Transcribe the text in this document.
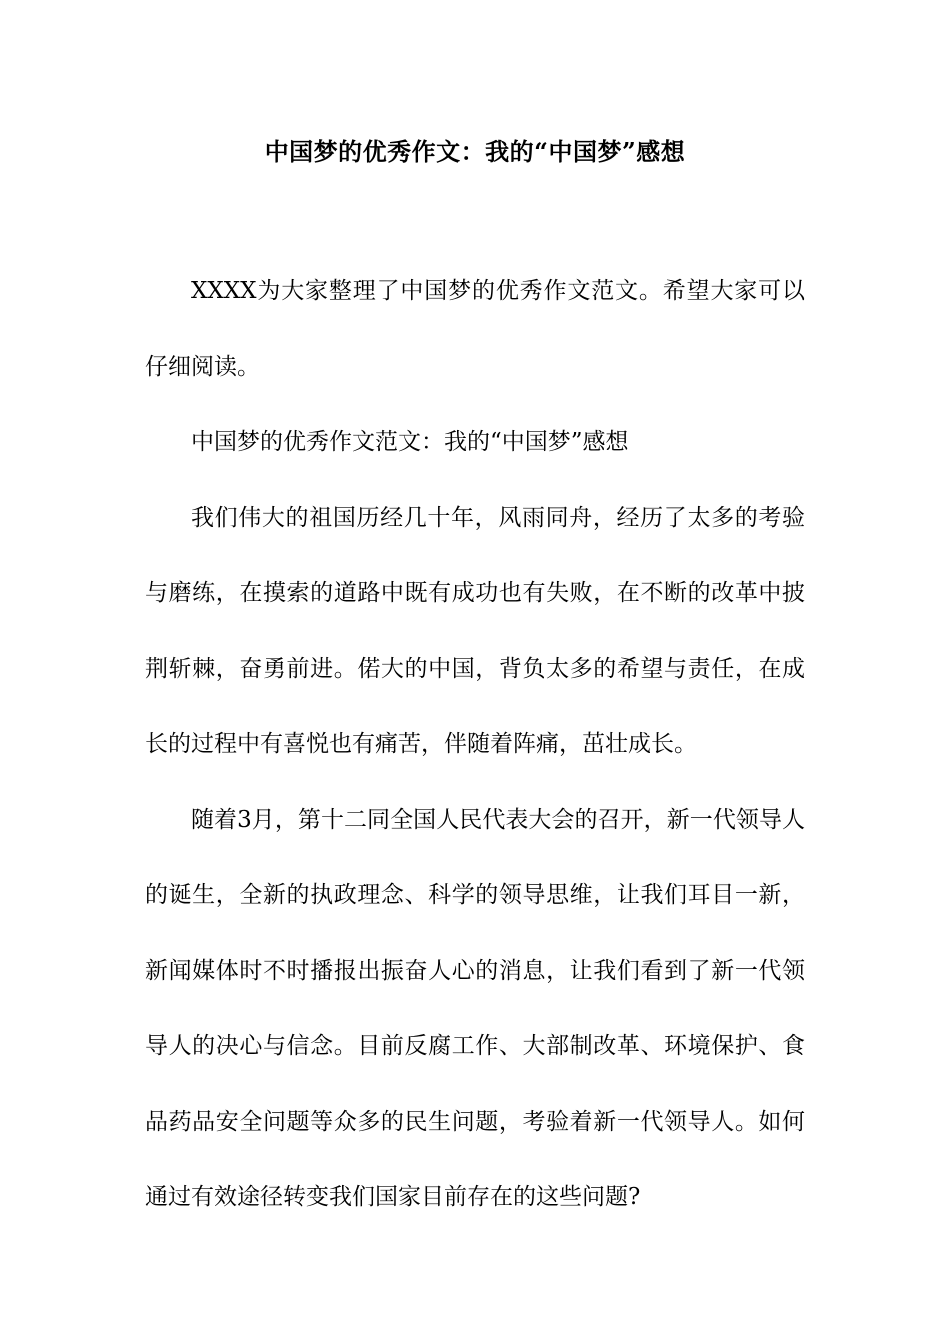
中国梦的优秀作文：我的“中国梦”感想

XXXX为大家整理了中国梦的优秀作文范文。希望大家可以仔细阅读。

中国梦的优秀作文范文：我的“中国梦”感想

我们伟大的祖国历经几十年，风雨同舟，经历了太多的考验与磨练，在摸索的道路中既有成功也有失败，在不断的改革中披荆斩棘，奋勇前进。偌大的中国，背负太多的希望与责任，在成长的过程中有喜悦也有痛苦，伴随着阵痛，茁壮成长。

随着3月，第十二同全国人民代表大会的召开，新一代领导人的诞生，全新的执政理念、科学的领导思维，让我们耳目一新，新闻媒体时不时播报出振奋人心的消息，让我们看到了新一代领导人的决心与信念。目前反腐工作、大部制改革、环境保护、食品药品安全问题等众多的民生问题，考验着新一代领导人。如何通过有效途径转变我们国家目前存在的这些问题?
